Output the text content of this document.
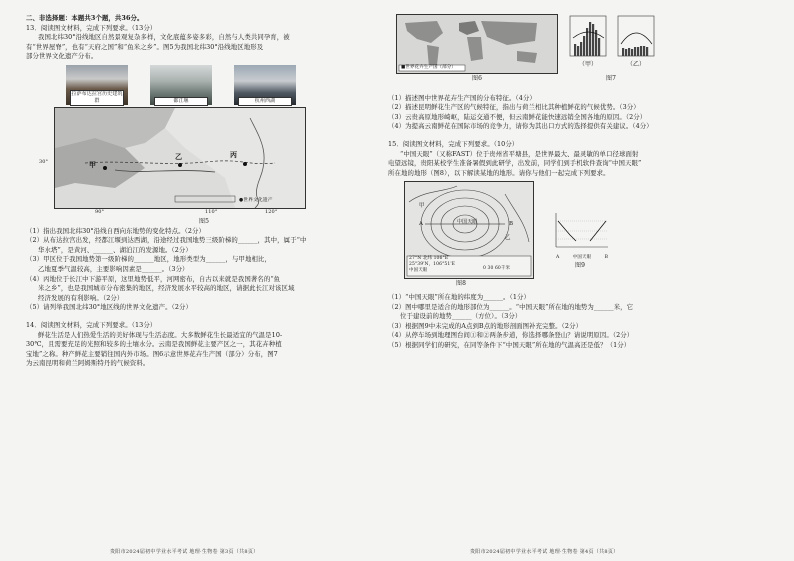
二、非选择题：本题共3个题，共36分。
13．阅读图文材料，完成下列要求。（13分）
我国北纬30°沿线地区自然景观复杂多样，文化底蕴多姿多彩，自然与人类共同孕育，被
有“世界屋脊”，也有“天府之国”和“鱼米之乡”。图5为我国北纬30°沿线地区地形及
部分世界文化遗产分布。
拉萨布达拉宫历史建筑群	都江堰	杭州西湖
甲
乙	丙
30°
90°	110°	120°
●世界文化遗产
图5
（1）指出我国北纬30°沿线自西向东地势的变化特点。（2分）
（2）从布达拉宫出发，经都江堰到达西湖，沿途经过我国地势三级阶梯的______，其中，属于“中
华水塔”，是黄河、______、湖泊江的发源地。（2分）
（3）甲区位于我国地势第一级阶梯的______地区，地形类型为______，与甲地相比，
乙地夏季气温较高，主要影响因素是______。（3分）
（4）丙地位于长江中下游平原，这里地势低平，河网密布，自古以来就是我国著名的“鱼
米之乡”，也是我国城市分布密集的地区，经济发展水平较高的地区，请据此长江对该区域
经济发展的有利影响。（2分）
（5）请列举我国北纬30°地区线的世界文化遗产。（2分）
14．阅读图文材料，完成下列要求。（13分）
鲜花生活是人们热爱生活的美好体现与生活态度。大多数鲜花生长最适宜的气温是10-
30℃，且需要充足的光照和较多的土壤水分。云南是我国鲜花主要产区之一，其花卉种植
宝地”之称。种产鲜花主要销往国内外市场。图6示意世界花卉生产国（部分）分布，图7
为云南昆明和荷兰阿姆斯特丹的气候资料。
贵阳市2024届初中学业水平考试 地理·生物卷 第3页（共8页）
■世界花卉生产国（部分）
图6
（甲）	（乙）
图7
（1）描述图中世界花卉生产国的分布特征。（4分）
（2）描述昆明鲜花生产区的气候特征，指出与荷兰相比其种植鲜花的气候优势。（3分）
（3）云贵高原地形崎岖，陆运交通不便，但云南鲜花能快速远销全国各地的原因。（2分）
（4）为提高云南鲜花在国际市场的竞争力，请你为其出口方式的选择提供有关建议。（4分）
15．阅读图文材料，完成下列要求。（10分）
“中国天眼”（又称FAST）位于贵州省平塘县，是世界最大、最灵敏的单口径球面射
电望远镜，贵阳某校学生准备暑假到此研学，出发前，同学们到手机软件查询“中国天眼”
所在地的地形（图8），以下解读某地的地形。请你与他们一起完成下列要求。
中国天眼
甲
乙
A	B
27°N 北纬 106°E
25°39'N，106°51'E
中国天眼	0 30 60千米
图8
A	中国天眼	B
图9
（1）“中国天眼”所在地的纬度为______。（1分）
（2）图中哪里是适合的地形部位为______。“中国天眼”所在地的地势为______米，它
位于建设前的地势______（方位）。（3分）
（3）根据图9中未完成的A点到B点的地形剖面图补充完整。（2分）
（4）从停车场到地理图台间①和②两条步道，你选择哪条登山？请说明原因。（2分）
（5）根据同学们的研究，在同等条件下“中国天眼”所在地的气温高还是低？（1分）
贵阳市2024届初中学业水平考试 地理·生物卷 第4页（共8页）
